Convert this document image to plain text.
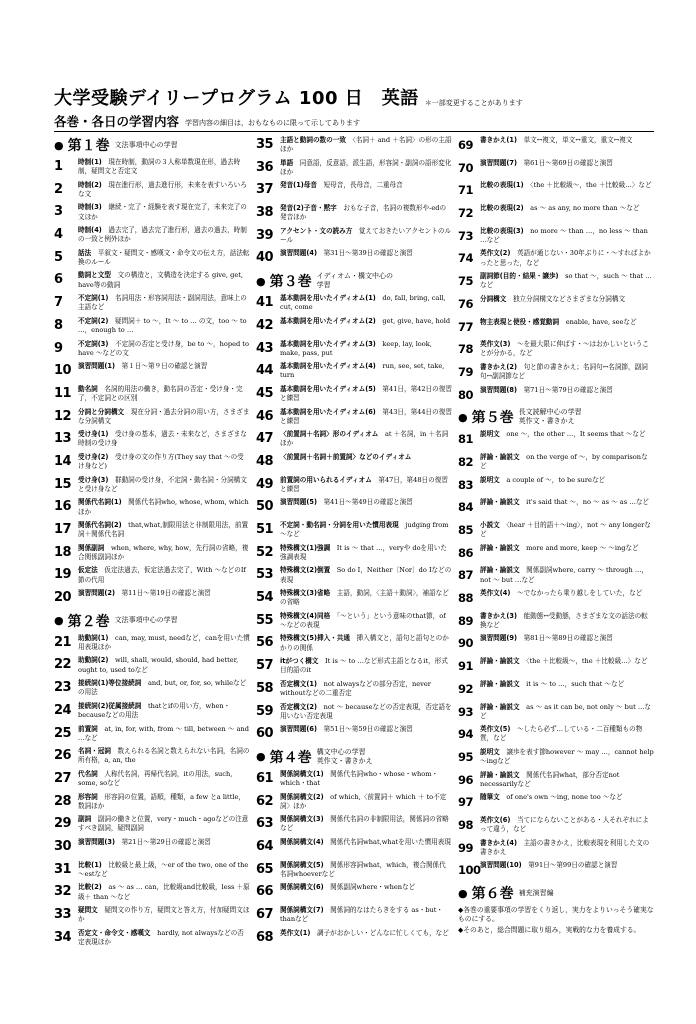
大学受験デイリープログラム 100 日　英語 ＊一部変更することがあります
各巻・各日の学習内容 学習内容の細目は，おもなものに限って示してあります
● 第１巻 文法事項中心の学習
1	時制(1)　現在時制，動詞の３人称単数現在形，過去時制，疑問文と否定文
2	時制(2)　現在進行形，過去進行形，未来を表すいろいろな文
3	時制(3)　継続・完了・経験を表す現在完了，未来完了の文ほか
4	時制(4)　過去完了，過去完了進行形，過去の過去，時制の一致と例外ほか
5	話法　平叙文・疑問文・感嘆文・命令文の伝え方，話法転換のルール
6	動詞と文型　文の構造と，文構造を決定する give, get, have等の動詞
7	不定詞(1)　名詞用法・形容詞用法・副詞用法，意味上の主語など
8	不定詞(2)　疑問詞＋ to 〜，It 〜 to … の文，too 〜 to …，enough to …
9	不定詞(3)　不定詞の否定と受け身，be to 〜，hoped to have 〜などの文
10	演習問題(1)　第１日〜第９日の確認と演習
11	動名詞　名詞的用法の働き，動名詞の否定・受け身・完了，不定詞との区別
12	分詞と分詞構文　現在分詞・過去分詞の用い方，さまざまな分詞構文
13	受け身(1)　受け身の基本，過去・未来など，さまざまな時制の受け身
14	受け身(2)　受け身の文の作り方(They say that 〜の受け身など)
15	受け身(3)　群動詞の受け身，不定詞・動名詞・分詞構文と受け身など
16	関係代名詞(1)　関係代名詞who, whose, whom, whichほか
17	関係代名詞(2)　that,what,制限用法と非制限用法，前置詞＋関係代名詞
18	関係副詞　when, where, why, how，先行詞の省略，複合関係副詞ほか
19	仮定法　仮定法過去，仮定法過去完了，With 〜などのIf節の代用
20	演習問題(2)　第11日〜第19日の確認と演習
● 第２巻 文法事項中心の学習
21	助動詞(1)　can, may, must, needなど，canを用いた慣用表現ほか
22	助動詞(2)　will, shall, would, should, had better, ought to, used toなど
23	接続詞(1)等位接続詞　and, but, or, for, so, whileなどの用法
24	接続詞(2)従属接続詞　thatとifの用い方，when・becauseなどの用法
25	前置詞　at, in, for, with, from 〜 till, between 〜 and …など
26	名詞・冠詞　数えられる名詞と数えられない名詞，名詞の所有格，a, an, the
27	代名詞　人称代名詞，再帰代名詞，itの用法，such, some, soなど
28	形容詞　形容詞の位置，語順，種類，a few とa little，数詞ほか
29	副詞　副詞の働きと位置，very・much・agoなどの注意すべき副詞，疑問副詞
30	演習問題(3)　第21日〜第29日の確認と演習
31	比較(1)　比較級と最上級，〜er of the two, one of the 〜estなど
32	比較(2)　as 〜 as … can，比較級and比較級，less ＋原級＋ than 〜など
33	疑問文　疑問文の作り方，疑問文と答え方，付加疑問文ほか
34	否定文・命令文・感嘆文　hardly, not alwaysなどの否定表現ほか
35	主語と動詞の数の一致　〈名詞＋ and ＋名詞〉の形の主語ほか
36	単語　同意語，反意語，派生語，形容詞・副詞の語形変化ほか
37	発音(1)母音　短母音，長母音，二重母音
38	発音(2)子音・黙字　おもな子音，名詞の複数形や-edの発音ほか
39	アクセント・文の読み方　覚えておきたいアクセントのルール
40	演習問題(4)　第31日〜第39日の確認と演習
● 第３巻 イディオム・構文中心の
学習
41	基本動詞を用いたイディオム(1)　do, fall, bring, call, cut, come
42	基本動詞を用いたイディオム(2)　get, give, have, hold
43	基本動詞を用いたイディオム(3)　keep, lay, look, make, pass, put
44	基本動詞を用いたイディオム(4)　run, see, set, take, turn
45	基本動詞を用いたイディオム(5)　第41日，第42日の復習と練習
46	基本動詞を用いたイディオム(6)　第43日，第44日の復習と練習
47	〈前置詞＋名詞〉形のイディオム　at ＋名詞，in ＋名詞ほか
48	〈前置詞＋名詞＋前置詞〉などのイディオム
49	前置詞の用いられるイディオム　第47日，第48日の復習と練習
50	演習問題(5)　第41日〜第49日の確認と演習
51	不定詞・動名詞・分詞を用いた慣用表現　judging from 〜など
52	特殊構文(1)強調　It is 〜 that …，veryや doを用いた強調表現
53	特殊構文(2)倒置　So do I，Neither〔Nor〕do Iなどの表現
54	特殊構文(3)省略　主語，動詞，〈主語＋動詞〉，補語などの省略
55	特殊構文(4)同格　「〜という」という意味のthat節，of 〜などの表現
56	特殊構文(5)挿入・共通　挿入構文と，語句と語句とのかかりの関係
57	itがつく構文　It is 〜 to …など形式主語となるit，形式目的語のit
58	否定構文(1)　not alwaysなどの部分否定，never withoutなどの二重否定
59	否定構文(2)　not 〜 becauseなどの否定表現，否定語を用いない否定表現
60	演習問題(6)　第51日〜第59日の確認と演習
● 第４巻 構文中心の学習
英作文・書きかえ
61	関係詞構文(1)　関係代名詞who・whose・whom・which・that
62	関係詞構文(2)　of which,〈前置詞＋ which ＋ to不定詞〉ほか
63	関係詞構文(3)　関係代名詞の非制限用法，関係詞の省略など
64	関係詞構文(4)　関係代名詞what,whatを用いた慣用表現
65	関係詞構文(5)　関係形容詞what，which，複合関係代名詞whoeverなど
66	関係詞構文(6)　関係副詞where・whenなど
67	関係詞構文(7)　関係詞的なはたらきをする as・but・thanなど
68	英作文(1)　調子がおかしい・どんなに忙しくても，など
69	書きかえ(1)　単文↔複文，単文↔重文，重文↔複文
70	演習問題(7)　第61日〜第69日の確認と演習
71	比較の表現(1)　〈the ＋比較級〜，the ＋比較級…〉など
72	比較の表現(2)　as 〜 as any, no more than 〜など
73	比較の表現(3)　no more 〜 than …，no less 〜 than …など
74	英作文(2)　英語が通じない・30年ぶりに・〜すればよかったと思った，など
75	副詞節(目的・結果・譲歩)　so that 〜，such 〜 that …など
76	分詞構文　独立分詞構文などさまざまな分詞構文
77	物主表現と使役・感覚動詞　enable, have, seeなど
78	英作文(3)　〜を最大限に伸ばす・〜はおかしいということが分かる，など
79	書きかえ(2)　句と節の書きかえ；名詞句↔名詞節，副詞句↔副詞節など
80	演習問題(8)　第71日〜第79日の確認と演習
● 第５巻 長文読解中心の学習
英作文・書きかえ
81	説明文　one 〜，the other …，It seems that 〜など
82	評論・論説文　on the verge of 〜，by comparisonなど
83	説明文　a couple of 〜，to be sureなど
84	評論・論説文　it's said that 〜，no 〜 as 〜 as …など
85	小説文　〈hear ＋目的語＋〜ing〉，not 〜 any longerなど
86	評論・論説文　more and more, keep 〜 〜ingなど
87	評論・論説文　関係副詞where, carry 〜 through …，not 〜 but …など
88	英作文(4)　〜でなかったら乗り越しをしていた，など
89	書きかえ(3)　能動態↔受動態，さまざまな文の話法の転換など
90	演習問題(9)　第81日〜第89日の確認と演習
91	評論・論説文　〈the ＋比較級〜，the ＋比較級…〉など
92	評論・論説文　it is 〜 to …，such that 〜など
93	評論・論説文　as 〜 as it can be, not only 〜 but …など
94	英作文(5)　〜したら必ず…している・二百種類もの物質，など
95	説明文　譲歩を表す節however 〜 may …，cannot help 〜ingなど
96	評論・論説文　関係代名詞what，部分否定not necessarilyなど
97	随筆文　of one's own 〜ing, none too 〜など
98	英作文(6)　当てにならないことがある・人それぞれによって違う，など
99	書きかえ(4)　主語の書きかえ，比較表現を利用した文の書きかえ
100 演習問題(10)　第91日〜第99日の確認と演習
● 第６巻 補充演習編
◆各巻の重要事項の学習をくり返し，実力をよりいっそう確実なものにする。
◆そのあと，総合問題に取り組み，実戦的な力を養成する。
